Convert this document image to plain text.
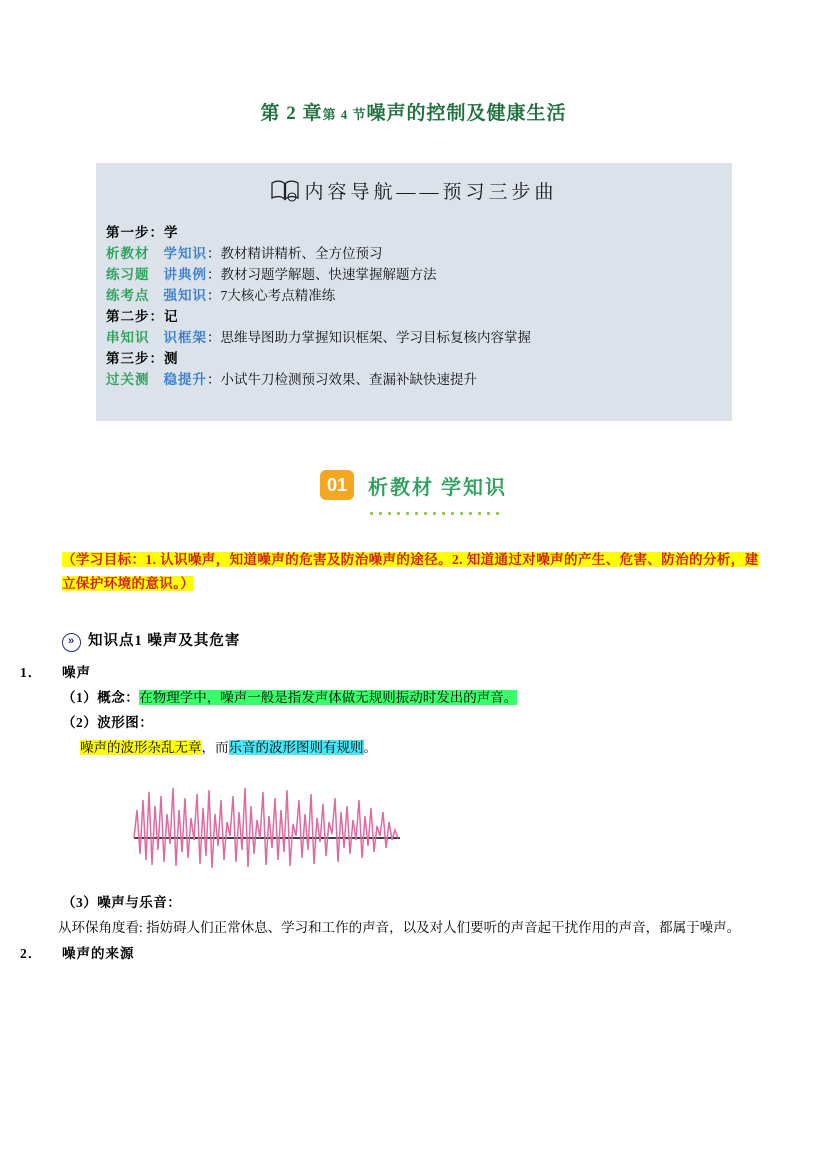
第 2 章第 4 节噪声的控制及健康生活
内容导航——预习三步曲
第一步：学
析教材 学知识：教材精讲精析、全方位预习
练习题 讲典例：教材习题学解题、快速掌握解题方法
练考点 强知识：7大核心考点精准练
第二步：记
串知识 识框架：思维导图助力掌握知识框架、学习目标复核内容掌握
第三步：测
过关测 稳提升：小试牛刀检测预习效果、查漏补缺快速提升
01 析教材 学知识
（学习目标：1. 认识噪声，知道噪声的危害及防治噪声的途径。2. 知道通过对噪声的产生、危害、防治的分析，建立保护环境的意识。）
» 知识点1 噪声及其危害
1． 噪声
（1）概念：在物理学中，噪声一般是指发声体做无规则振动时发出的声音。
（2）波形图：
噪声的波形杂乱无章，而乐音的波形图则有规则。
（3）噪声与乐音：
从环保角度看: 指妨碍人们正常休息、学习和工作的声音，以及对人们要听的声音起干扰作用的声音，都属于噪声。
2． 噪声的来源
